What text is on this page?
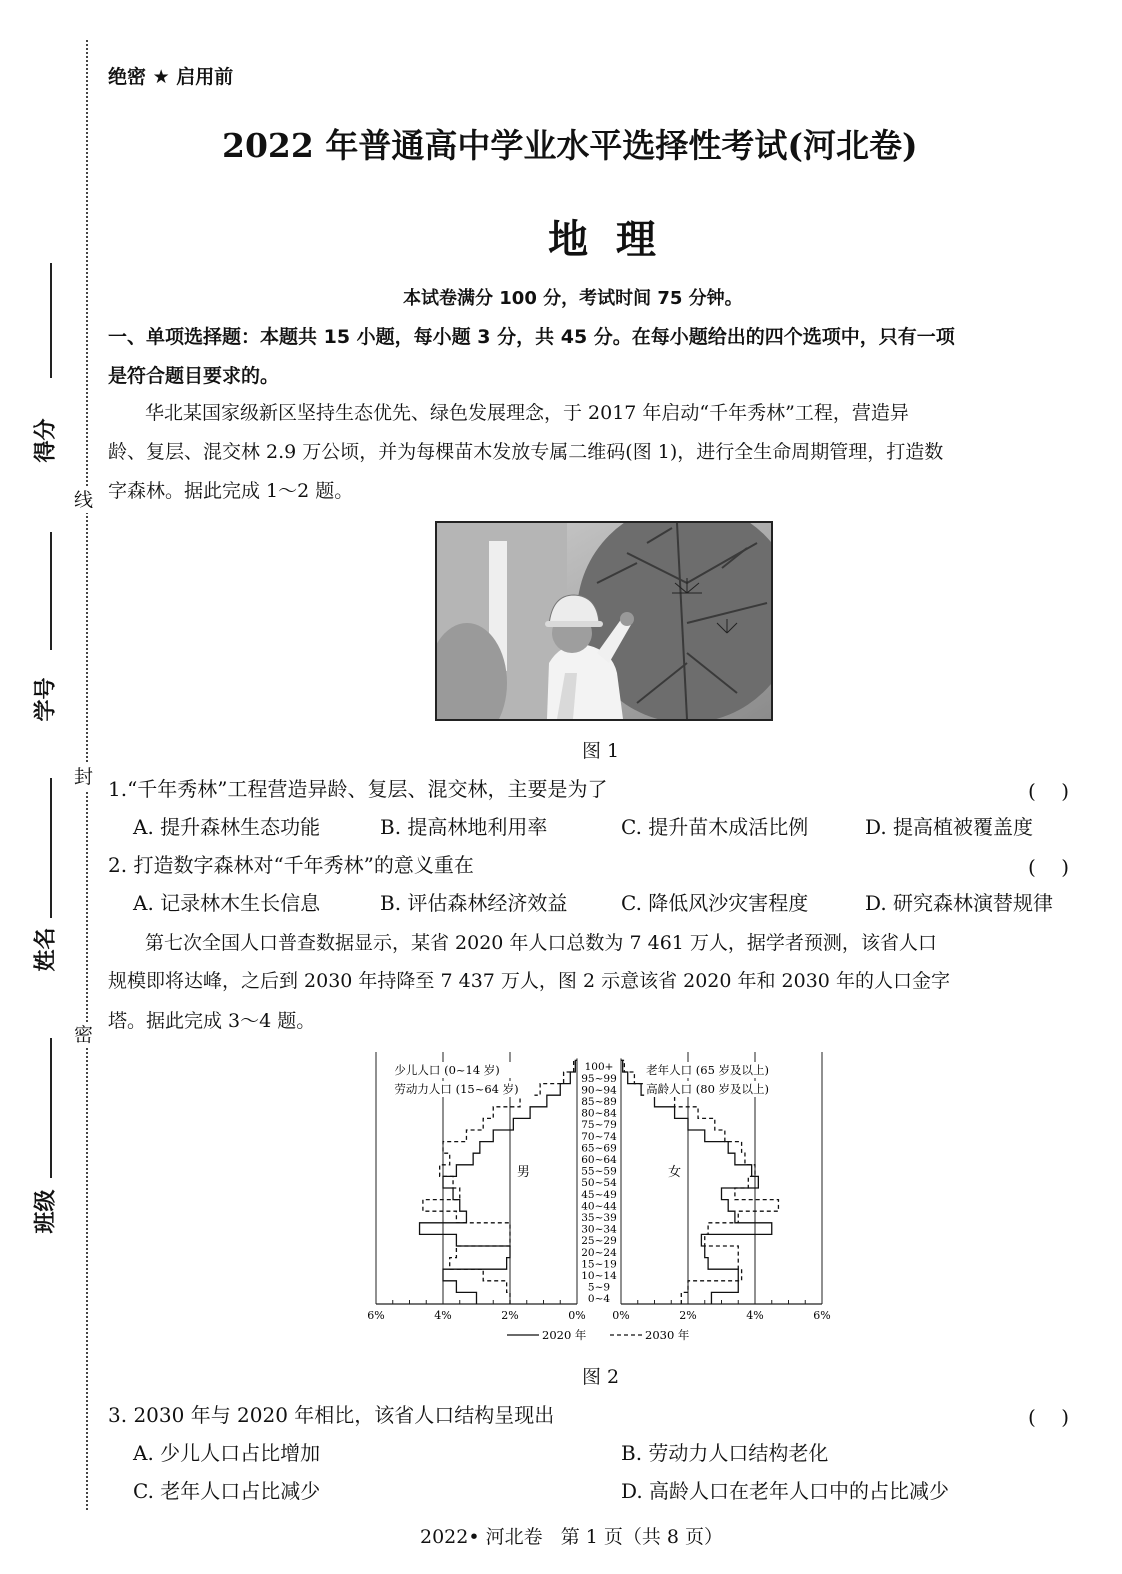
线
封
密
得分
学号
姓名
班级
绝密 ★ 启用前
2022 年普通高中学业水平选择性考试(河北卷)
地  理
本试卷满分 100 分，考试时间 75 分钟。
一、单项选择题：本题共 15 小题，每小题 3 分，共 45 分。在每小题给出的四个选项中，只有一项
是符合题目要求的。
华北某国家级新区坚持生态优先、绿色发展理念，于 2017 年启动“千年秀林”工程，营造异
龄、复层、混交林 2.9 万公顷，并为每棵苗木发放专属二维码(图 1)，进行全生命周期管理，打造数
字森林。据此完成 1～2 题。
图 1
1.“千年秀林”工程营造异龄、复层、混交林，主要是为了	(    )
A. 提升森林生态功能	B. 提高林地利用率	C. 提升苗木成活比例	D. 提高植被覆盖度
2. 打造数字森林对“千年秀林”的意义重在	(    )
A. 记录林木生长信息	B. 评估森林经济效益	C. 降低风沙灾害程度	D. 研究森林演替规律
第七次全国人口普查数据显示，某省 2020 年人口总数为 7 461 万人，据学者预测，该省人口
规模即将达峰，之后到 2030 年持降至 7 437 万人，图 2 示意该省 2020 年和 2030 年的人口金字
塔。据此完成 3～4 题。
6%	4%	2%	0% 0%	2%	4%	6%
0~4
5~9
10~14
15~19
20~24
25~29
30~34
35~39
40~44
45~49
50~54
55~59
60~64
65~69
70~74
75~79
80~84
85~89
90~94
95~99
100+
男	女
少儿人口 (0~14 岁)
劳动力人口 (15~64 岁)
老年人口 (65 岁及以上)
高龄人口 (80 岁及以上)
2020 年	2030 年
图 2
3. 2030 年与 2020 年相比，该省人口结构呈现出	(    )
A. 少儿人口占比增加	B. 劳动力人口结构老化
C. 老年人口占比减少	D. 高龄人口在老年人口中的占比减少
2022• 河北卷   第 1 页（共 8 页）
